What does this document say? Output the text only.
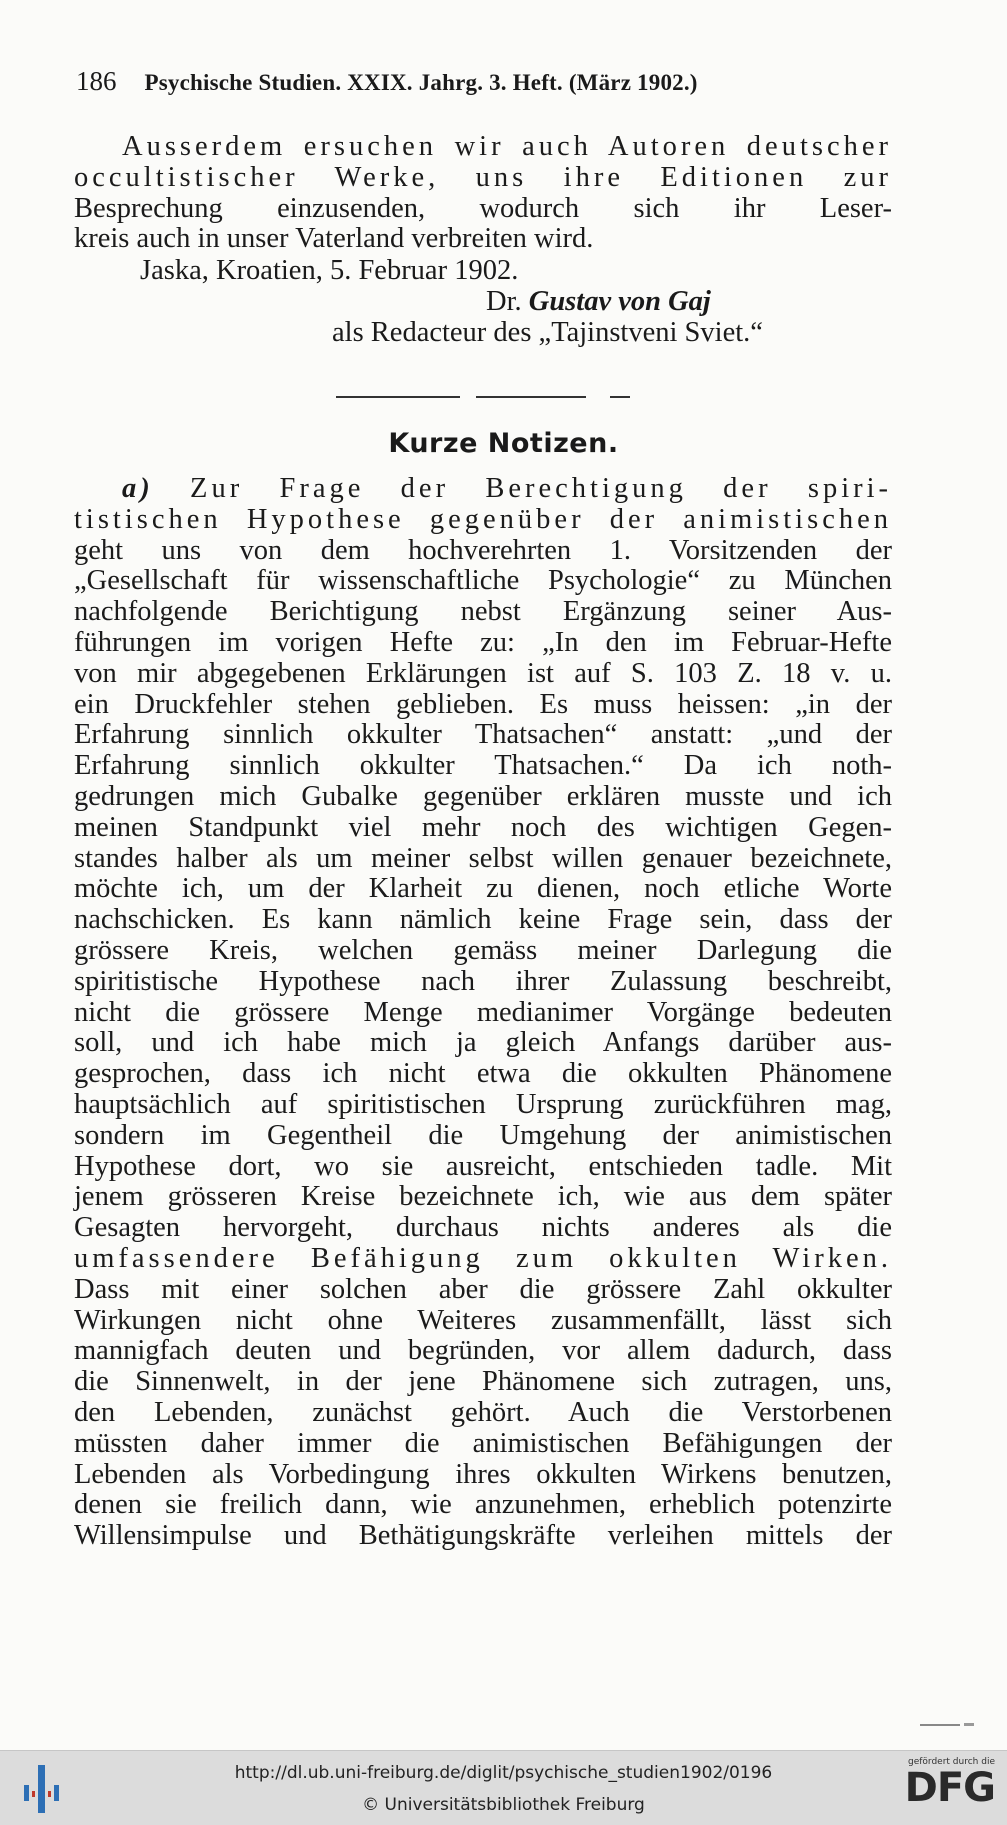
186 Psychische Studien. XXIX. Jahrg. 3. Heft. (März 1902.)
Ausserdem ersuchen wir auch Autoren deutscher
occultistischer Werke, uns ihre Editionen zur
Besprechung einzusenden, wodurch sich ihr Leser-
kreis auch in unser Vaterland verbreiten wird.
Jaska, Kroatien, 5. Februar 1902.
Dr. Gustav von Gaj
als Redacteur des „Tajinstveni Sviet.“
Kurze Notizen.
a) Zur Frage der Berechtigung der spiri-
tistischen Hypothese gegenüber der animistischen
geht uns von dem hochverehrten 1. Vorsitzenden der
„Gesellschaft für wissenschaftliche Psychologie“ zu München
nachfolgende Berichtigung nebst Ergänzung seiner Aus-
führungen im vorigen Hefte zu: „In den im Februar-Hefte
von mir abgegebenen Erklärungen ist auf S. 103 Z. 18 v. u.
ein Druckfehler stehen geblieben. Es muss heissen: „in der
Erfahrung sinnlich okkulter Thatsachen“ anstatt: „und der
Erfahrung sinnlich okkulter Thatsachen.“ Da ich noth-
gedrungen mich Gubalke gegenüber erklären musste und ich
meinen Standpunkt viel mehr noch des wichtigen Gegen-
standes halber als um meiner selbst willen genauer bezeichnete,
möchte ich, um der Klarheit zu dienen, noch etliche Worte
nachschicken. Es kann nämlich keine Frage sein, dass der
grössere Kreis, welchen gemäss meiner Darlegung die
spiritistische Hypothese nach ihrer Zulassung beschreibt,
nicht die grössere Menge medianimer Vorgänge bedeuten
soll, und ich habe mich ja gleich Anfangs darüber aus-
gesprochen, dass ich nicht etwa die okkulten Phänomene
hauptsächlich auf spiritistischen Ursprung zurückführen mag,
sondern im Gegentheil die Umgehung der animistischen
Hypothese dort, wo sie ausreicht, entschieden tadle. Mit
jenem grösseren Kreise bezeichnete ich, wie aus dem später
Gesagten hervorgeht, durchaus nichts anderes als die
umfassendere Befähigung zum okkulten Wirken.
Dass mit einer solchen aber die grössere Zahl okkulter
Wirkungen nicht ohne Weiteres zusammenfällt, lässt sich
mannigfach deuten und begründen, vor allem dadurch, dass
die Sinnenwelt, in der jene Phänomene sich zutragen, uns,
den Lebenden, zunächst gehört. Auch die Verstorbenen
müssten daher immer die animistischen Befähigungen der
Lebenden als Vorbedingung ihres okkulten Wirkens benutzen,
denen sie freilich dann, wie anzunehmen, erheblich potenzirte
Willensimpulse und Bethätigungskräfte verleihen mittels der
http://dl.ub.uni-freiburg.de/diglit/psychische_studien1902/0196
© Universitätsbibliothek Freiburg
gefördert durch die
DFG
